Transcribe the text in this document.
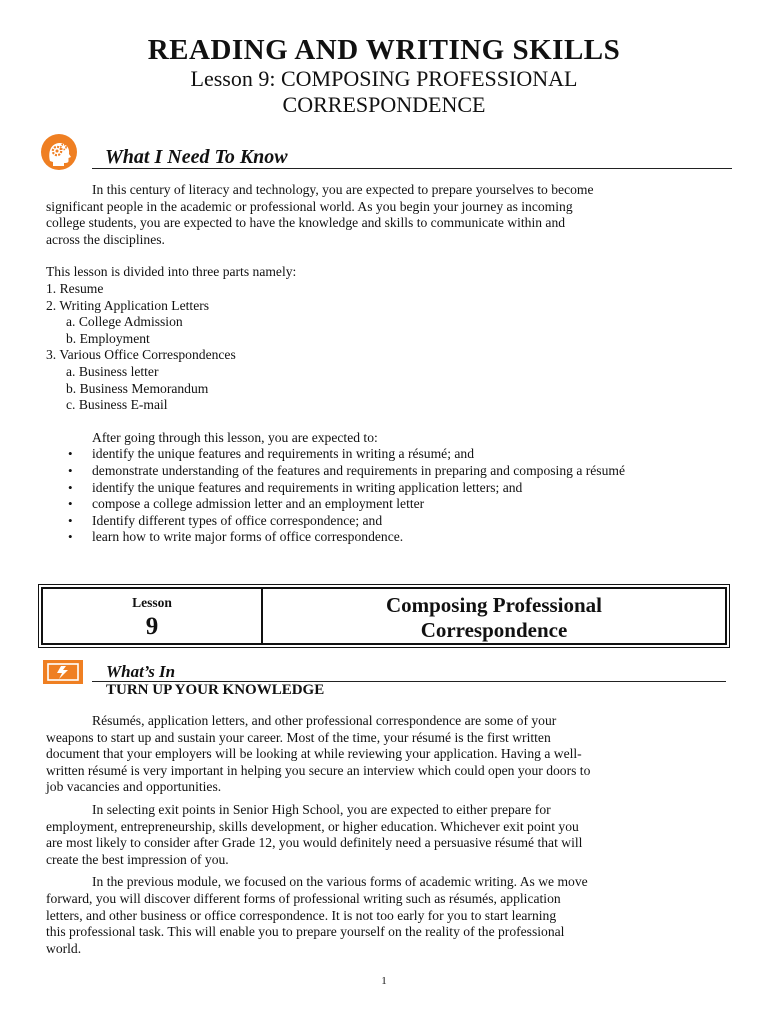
READING AND WRITING SKILLS
Lesson 9: COMPOSING PROFESSIONAL
CORRESPONDENCE
What I Need To Know
In this century of literacy and technology, you are expected to prepare yourselves to become
significant people in the academic or professional world. As you begin your journey as incoming
college students, you are expected to have the knowledge and skills to communicate within and
across the disciplines.
This lesson is divided into three parts namely:
1. Resume
2. Writing Application Letters
a. College Admission
b. Employment
3. Various Office Correspondences
a. Business letter
b. Business Memorandum
c. Business E-mail
After going through this lesson, you are expected to:
• identify the unique features and requirements in writing a résumé; and
• demonstrate understanding of the features and requirements in preparing and composing a résumé
• identify the unique features and requirements in writing application letters; and
• compose a college admission letter and an employment letter
• Identify different types of office correspondence; and
• learn how to write major forms of office correspondence.
Lesson
9
Composing Professional
Correspondence
What’s In
TURN UP YOUR KNOWLEDGE
Résumés, application letters, and other professional correspondence are some of your
weapons to start up and sustain your career. Most of the time, your résumé is the first written
document that your employers will be looking at while reviewing your application. Having a well-
written résumé is very important in helping you secure an interview which could open your doors to
job vacancies and opportunities.
In selecting exit points in Senior High School, you are expected to either prepare for
employment, entrepreneurship, skills development, or higher education. Whichever exit point you
are most likely to consider after Grade 12, you would definitely need a persuasive résumé that will
create the best impression of you.
In the previous module, we focused on the various forms of academic writing. As we move
forward, you will discover different forms of professional writing such as résumés, application
letters, and other business or office correspondence. It is not too early for you to start learning
this professional task. This will enable you to prepare yourself on the reality of the professional
world.
1
